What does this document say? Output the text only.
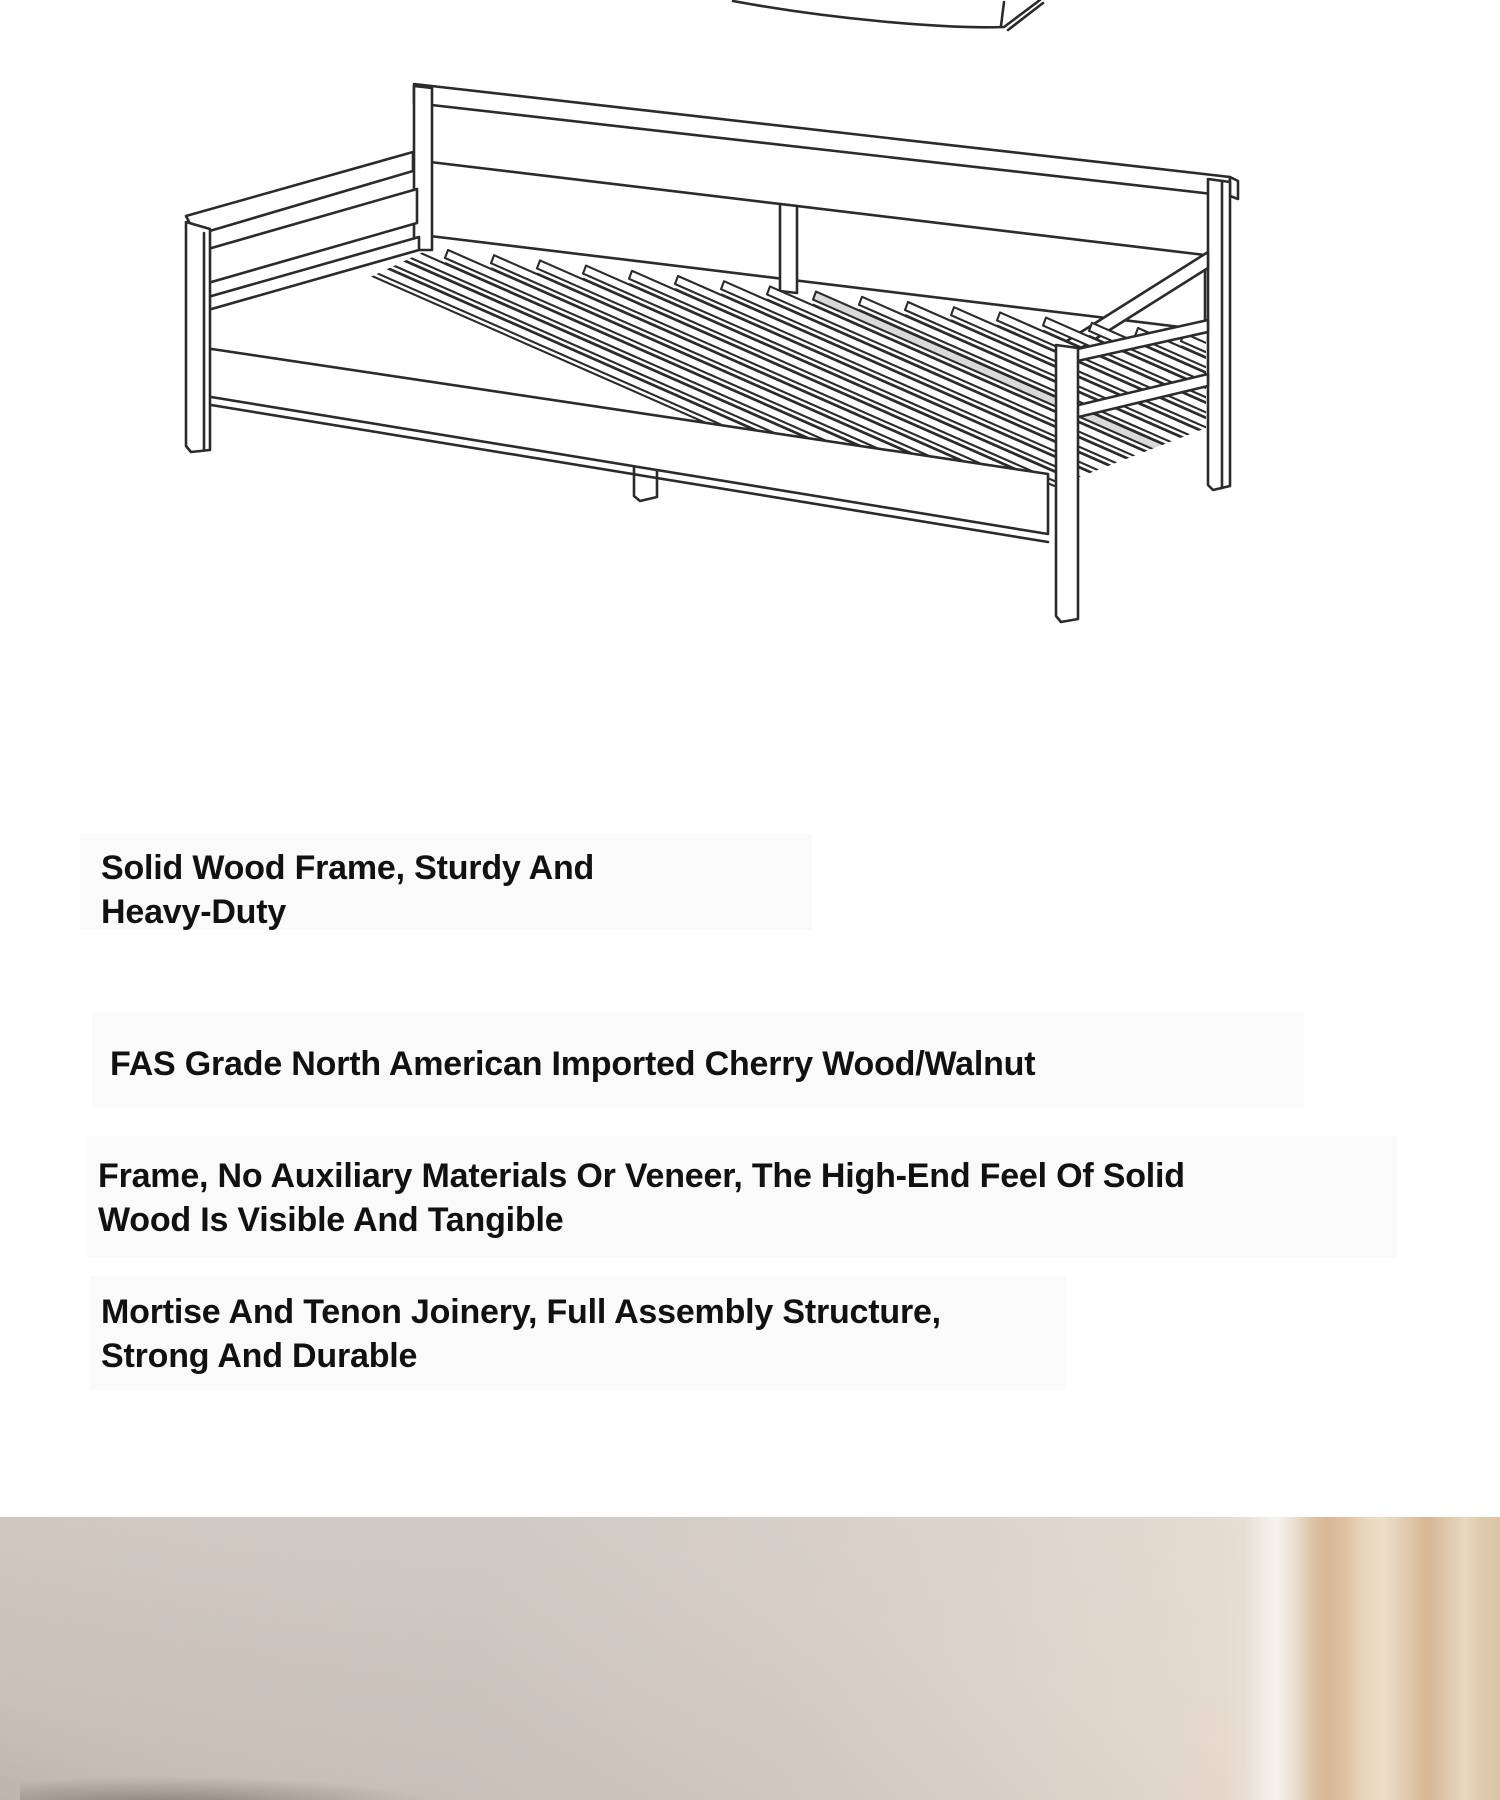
Solid Wood Frame, Sturdy And
Heavy-Duty
FAS Grade North American Imported Cherry Wood/Walnut
Frame, No Auxiliary Materials Or Veneer, The High-End Feel Of Solid
Wood Is Visible And Tangible
Mortise And Tenon Joinery, Full Assembly Structure,
Strong And Durable
